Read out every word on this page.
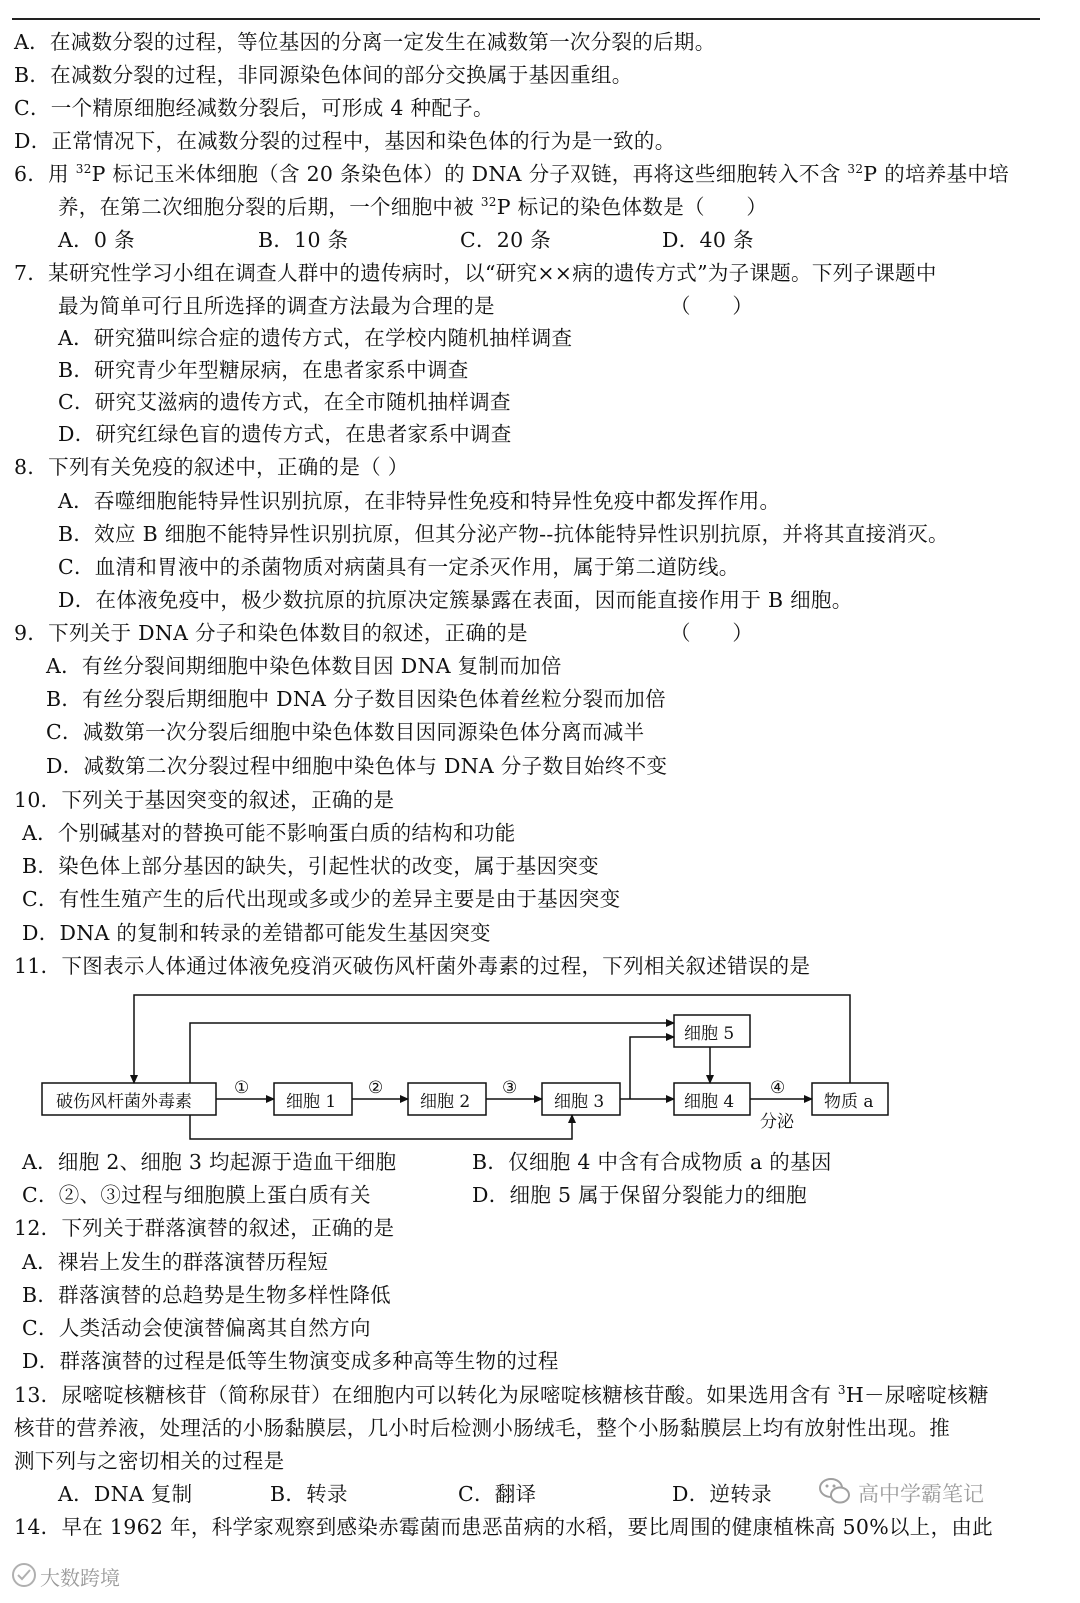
A．在减数分裂的过程，等位基因的分离一定发生在减数第一次分裂的后期。
B．在减数分裂的过程，非同源染色体间的部分交换属于基因重组。
C．一个精原细胞经减数分裂后，可形成 4 种配子。
D．正常情况下，在减数分裂的过程中，基因和染色体的行为是一致的。
6．用 $^{32}$P 标记玉米体细胞（含 20 条染色体）的 DNA 分子双链，再将这些细胞转入不含 $^{32}$P 的培养基中培
养，在第二次细胞分裂的后期，一个细胞中被 $^{32}$P 标记的染色体数是（　　）
A．0 条	B．10 条	C．20 条	D．40 条
7．某研究性学习小组在调查人群中的遗传病时，以“研究××病的遗传方式”为子课题。下列子课题中
最为简单可行且所选择的调查方法最为合理的是	（　　）
A．研究猫叫综合症的遗传方式，在学校内随机抽样调查
B．研究青少年型糖尿病，在患者家系中调查
C．研究艾滋病的遗传方式，在全市随机抽样调查
D．研究红绿色盲的遗传方式，在患者家系中调查
8．下列有关免疫的叙述中，正确的是（ ）
A．吞噬细胞能特异性识别抗原，在非特异性免疫和特异性免疫中都发挥作用。
B．效应 B 细胞不能特异性识别抗原，但其分泌产物--抗体能特异性识别抗原，并将其直接消灭。
C．血清和胃液中的杀菌物质对病菌具有一定杀灭作用，属于第二道防线。
D．在体液免疫中，极少数抗原的抗原决定簇暴露在表面，因而能直接作用于 B 细胞。
9．下列关于 DNA 分子和染色体数目的叙述，正确的是	（　　）
A．有丝分裂间期细胞中染色体数目因 DNA 复制而加倍
B．有丝分裂后期细胞中 DNA 分子数目因染色体着丝粒分裂而加倍
C．减数第一次分裂后细胞中染色体数目因同源染色体分离而减半
D．减数第二次分裂过程中细胞中染色体与 DNA 分子数目始终不变
10．下列关于基因突变的叙述，正确的是
A．个别碱基对的替换可能不影响蛋白质的结构和功能
B．染色体上部分基因的缺失，引起性状的改变，属于基因突变
C．有性生殖产生的后代出现或多或少的差异主要是由于基因突变
D．DNA 的复制和转录的差错都可能发生基因突变
11．下图表示人体通过体液免疫消灭破伤风杆菌外毒素的过程，下列相关叙述错误的是
破伤风杆菌外毒素	细胞 1	细胞 2	细胞 3
细胞 5
细胞 4	物质 a
①	②	③	④
分泌
A．细胞 2、细胞 3 均起源于造血干细胞	B．仅细胞 4 中含有合成物质 a 的基因
C．②、③过程与细胞膜上蛋白质有关	D．细胞 5 属于保留分裂能力的细胞
12．下列关于群落演替的叙述，正确的是
A．裸岩上发生的群落演替历程短
B．群落演替的总趋势是生物多样性降低
C．人类活动会使演替偏离其自然方向
D．群落演替的过程是低等生物演变成多种高等生物的过程
13．尿嘧啶核糖核苷（简称尿苷）在细胞内可以转化为尿嘧啶核糖核苷酸。如果选用含有 $^3$H－尿嘧啶核糖
核苷的营养液，处理活的小肠黏膜层，几小时后检测小肠绒毛，整个小肠黏膜层上均有放射性出现。推
测下列与之密切相关的过程是
A．DNA 复制	B．转录	C．翻译	D．逆转录
14．早在 1962 年，科学家观察到感染赤霉菌而患恶苗病的水稻，要比周围的健康植株高 50%以上，由此
高中学霸笔记
大数跨境
